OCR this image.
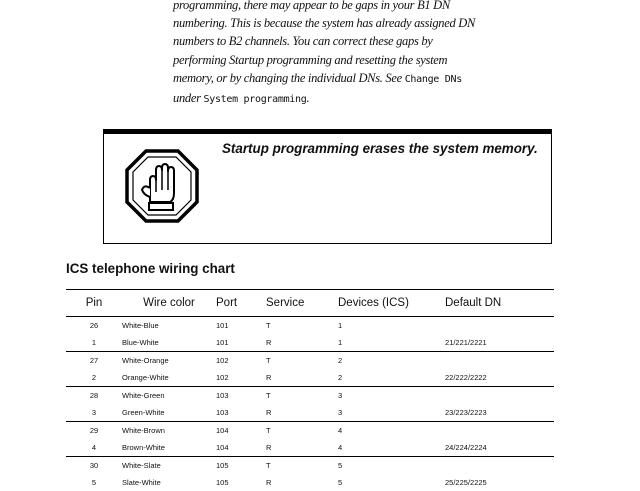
programming, there may appear to be gaps in your B1 DN
numbering. This is because the system has already assigned DN
numbers to B2 channels. You can correct these gaps by
performing Startup programming and resetting the system
memory, or by changing the individual DNs. See Change DNs
under System programming.
Startup programming erases the system memory.
ICS telephone wiring chart
Pin	Wire color	Port	Service	Devices (ICS)	Default DN
26	White-Blue	101	T	1	
1	Blue-White	101	R	1	21/221/2221
27	White-Orange	102	T	2	
2	Orange-White	102	R	2	22/222/2222
28	White-Green	103	T	3	
3	Green-White	103	R	3	23/223/2223
29	White-Brown	104	T	4	
4	Brown-White	104	R	4	24/224/2224
30	White-Slate	105	T	5	
5	Slate-White	105	R	5	25/225/2225
